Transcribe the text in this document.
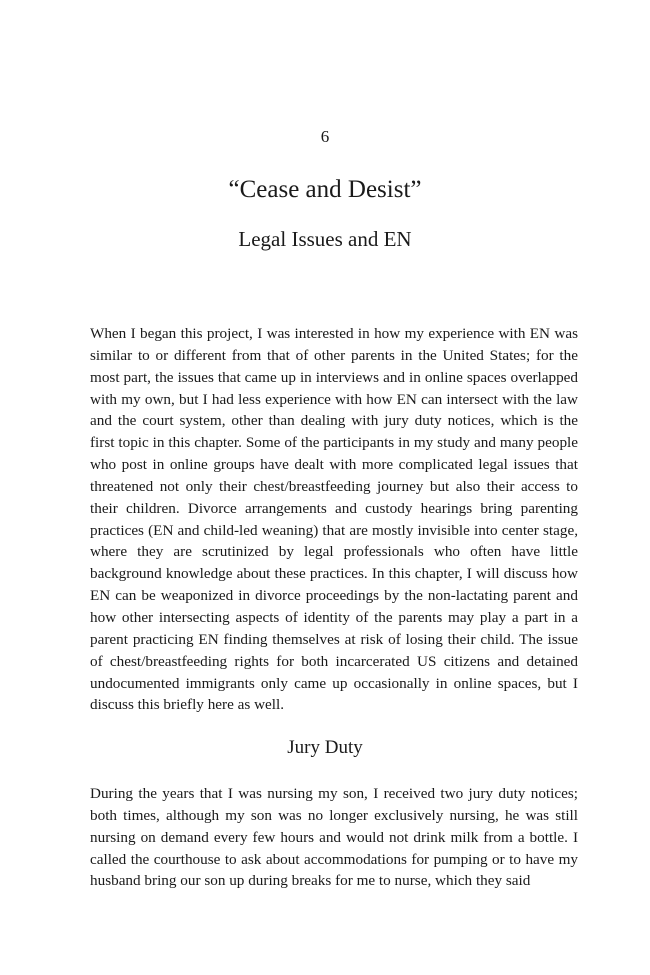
6
“Cease and Desist”
Legal Issues and EN

When I began this project, I was interested in how my experience with EN was similar to or different from that of other parents in the United States; for the most part, the issues that came up in interviews and in online spaces overlapped with my own, but I had less experience with how EN can intersect with the law and the court system, other than dealing with jury duty notices, which is the first topic in this chapter. Some of the participants in my study and many people who post in online groups have dealt with more complicated legal issues that threatened not only their chest/breastfeeding journey but also their access to their children. Divorce arrangements and custody hearings bring parenting practices (EN and child-led weaning) that are mostly invisible into center stage, where they are scrutinized by legal professionals who often have little background knowledge about these practices. In this chapter, I will discuss how EN can be weaponized in divorce proceedings by the non-lactating parent and how other intersecting aspects of identity of the parents may play a part in a parent practicing EN finding themselves at risk of losing their child. The issue of chest/breastfeeding rights for both incarcerated US citizens and detained undocumented immigrants only came up occasionally in online spaces, but I discuss this briefly here as well.

Jury Duty

During the years that I was nursing my son, I received two jury duty notices; both times, although my son was no longer exclusively nursing, he was still nursing on demand every few hours and would not drink milk from a bottle. I called the courthouse to ask about accommodations for pumping or to have my husband bring our son up during breaks for me to nurse, which they said
